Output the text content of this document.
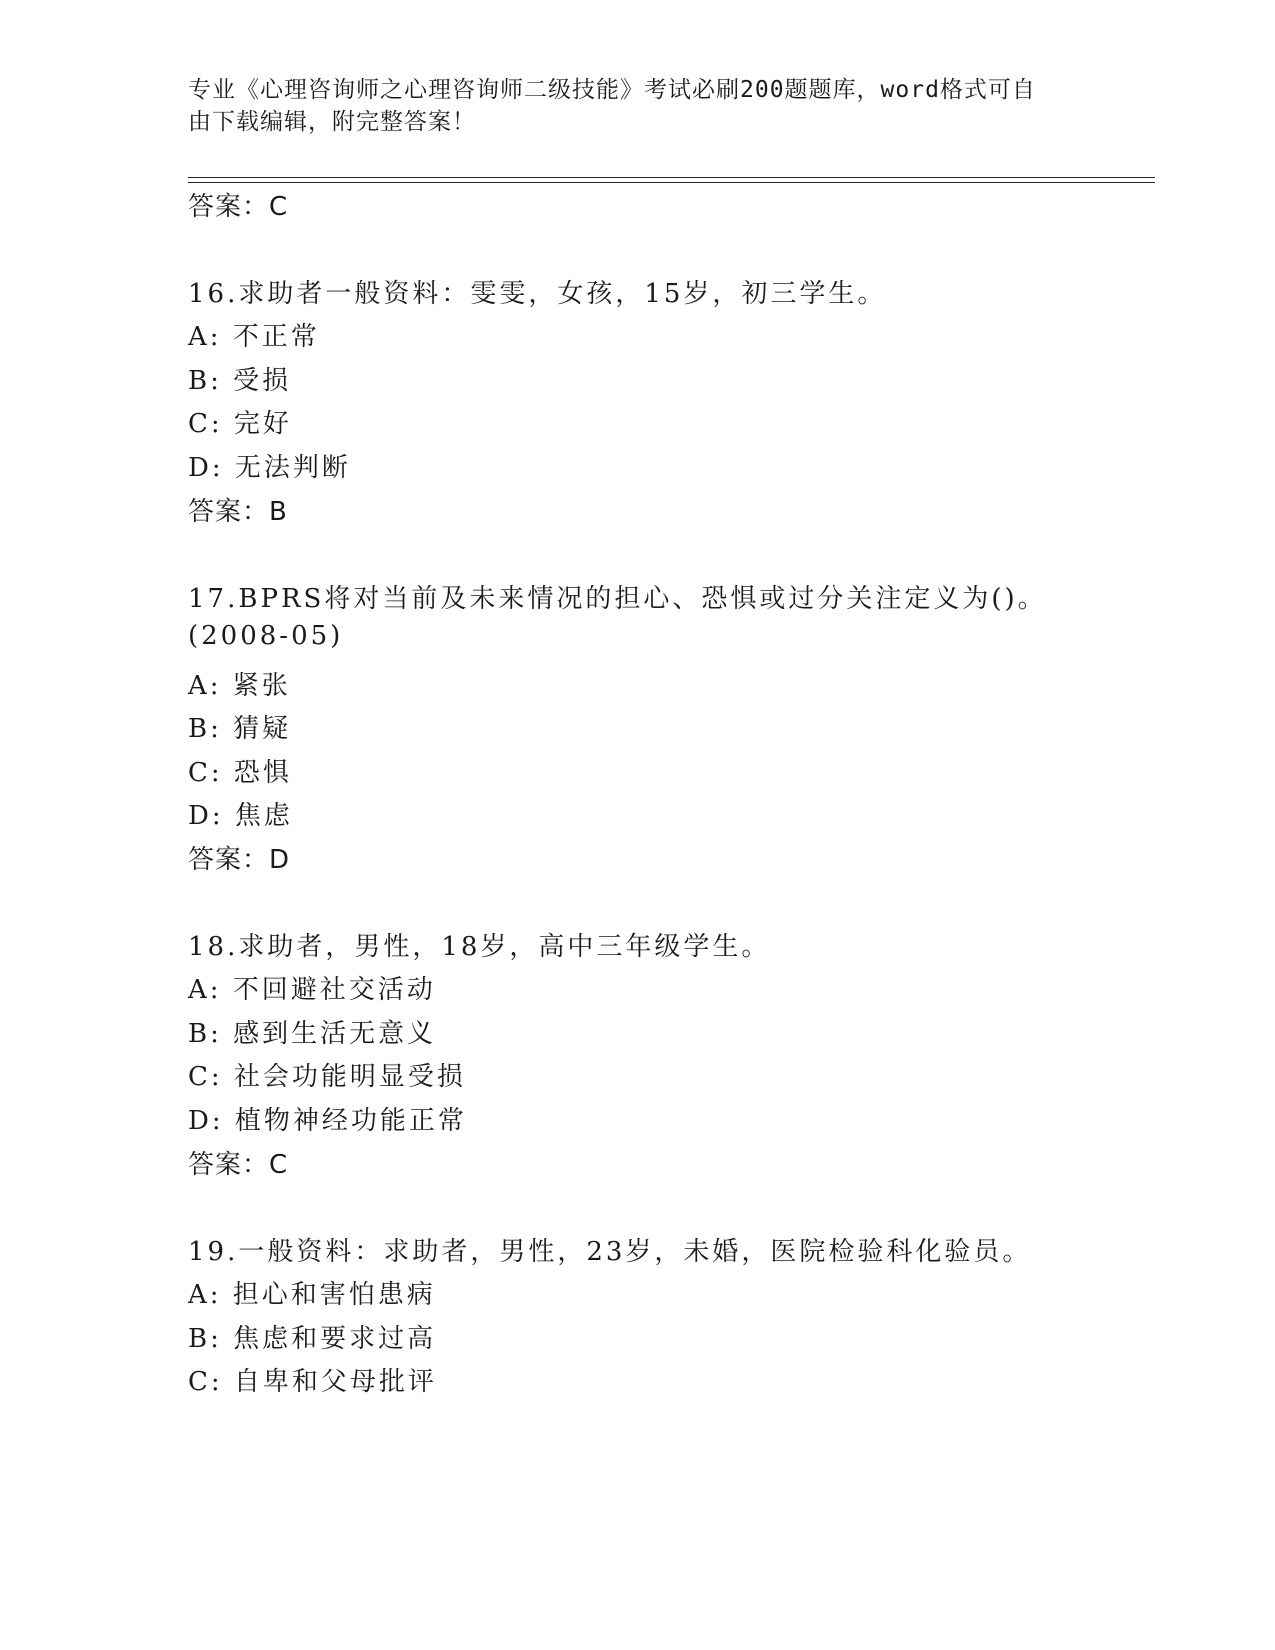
专业《心理咨询师之心理咨询师二级技能》考试必刷200题题库，word格式可自
由下载编辑，附完整答案！
答案：C
16.求助者一般资料：雯雯，女孩，15岁，初三学生。
A: 不正常
B: 受损
C: 完好
D: 无法判断
答案：B
17.BPRS将对当前及未来情况的担心、恐惧或过分关注定义为()。
(2008-05)
A: 紧张
B: 猜疑
C: 恐惧
D: 焦虑
答案：D
18.求助者，男性，18岁，高中三年级学生。
A: 不回避社交活动
B: 感到生活无意义
C: 社会功能明显受损
D: 植物神经功能正常
答案：C
19.一般资料：求助者，男性，23岁，未婚，医院检验科化验员。
A: 担心和害怕患病
B: 焦虑和要求过高
C: 自卑和父母批评
